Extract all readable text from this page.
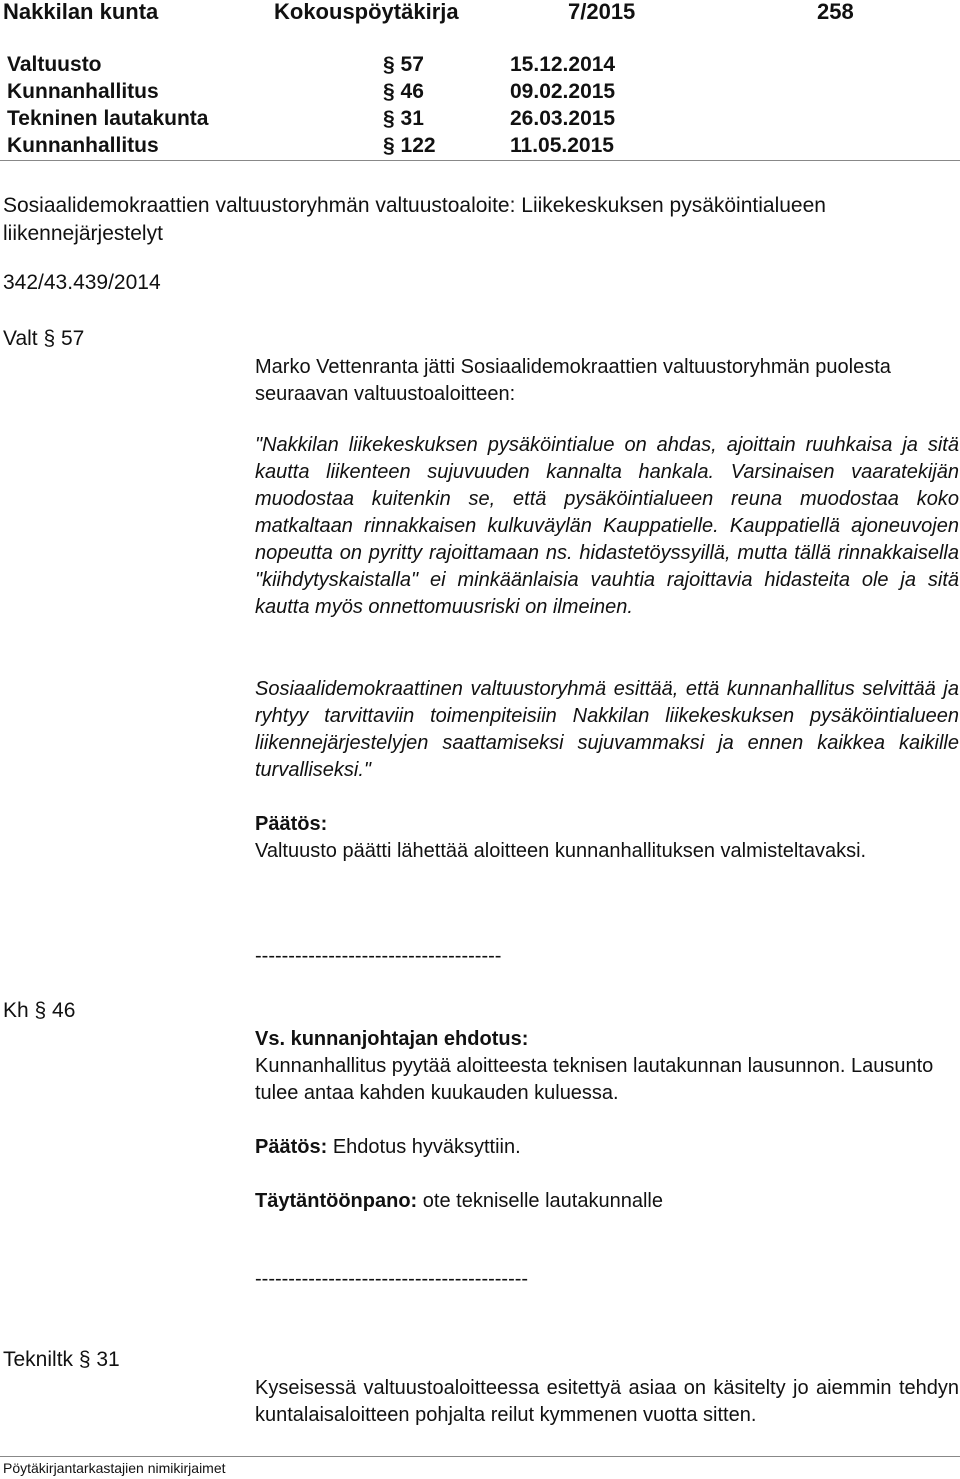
Nakkilan kunta	Kokouspöytäkirja	7/2015	258
Valtuusto	§ 57	15.12.2014
Kunnanhallitus	§ 46	09.02.2015
Tekninen lautakunta	§ 31	26.03.2015
Kunnanhallitus	§ 122	11.05.2015
Sosiaalidemokraattien valtuustoryhmän valtuustoaloite: Liikekeskuksen pysäköintialueen liikennejärjestelyt
342/43.439/2014
Valt § 57
Marko Vettenranta jätti Sosiaalidemokraattien valtuustoryhmän puolesta seuraavan valtuustoaloitteen:
"Nakkilan liikekeskuksen pysäköintialue on ahdas, ajoittain ruuhkaisa ja sitä kautta liikenteen sujuvuuden kannalta hankala. Varsinaisen vaaratekijän muodostaa kuitenkin se, että pysäköintialueen reuna muodostaa koko matkaltaan rinnakkaisen kulkuväylän Kauppatielle. Kauppatiellä ajoneuvojen nopeutta on pyritty rajoittamaan ns. hidastetöyssyillä, mutta tällä rinnakkaisella "kiihdytyskaistalla" ei minkäänlaisia vauhtia rajoittavia hidasteita ole ja sitä kautta myös onnettomuusriski on ilmeinen.
Sosiaalidemokraattinen valtuustoryhmä esittää, että kunnanhallitus selvittää ja ryhtyy tarvittaviin toimenpiteisiin Nakkilan liikekeskuksen pysäköintialueen liikennejärjestelyjen saattamiseksi sujuvammaksi ja ennen kaikkea kaikille turvalliseksi."
Päätös:
Valtuusto päätti lähettää aloitteen kunnanhallituksen valmisteltavaksi.
-------------------------------------
Kh § 46
Vs. kunnanjohtajan ehdotus:
Kunnanhallitus pyytää aloitteesta teknisen lautakunnan lausunnon. Lausunto tulee antaa kahden kuukauden kuluessa.
Päätös: Ehdotus hyväksyttiin.
Täytäntöönpano: ote tekniselle lautakunnalle
-----------------------------------------
Tekniltk § 31
Kyseisessä valtuustoaloitteessa esitettyä asiaa on käsitelty jo aiemmin tehdyn kuntalaisaloitteen pohjalta reilut kymmenen vuotta sitten.
Pöytäkirjantarkastajien nimikirjaimet
